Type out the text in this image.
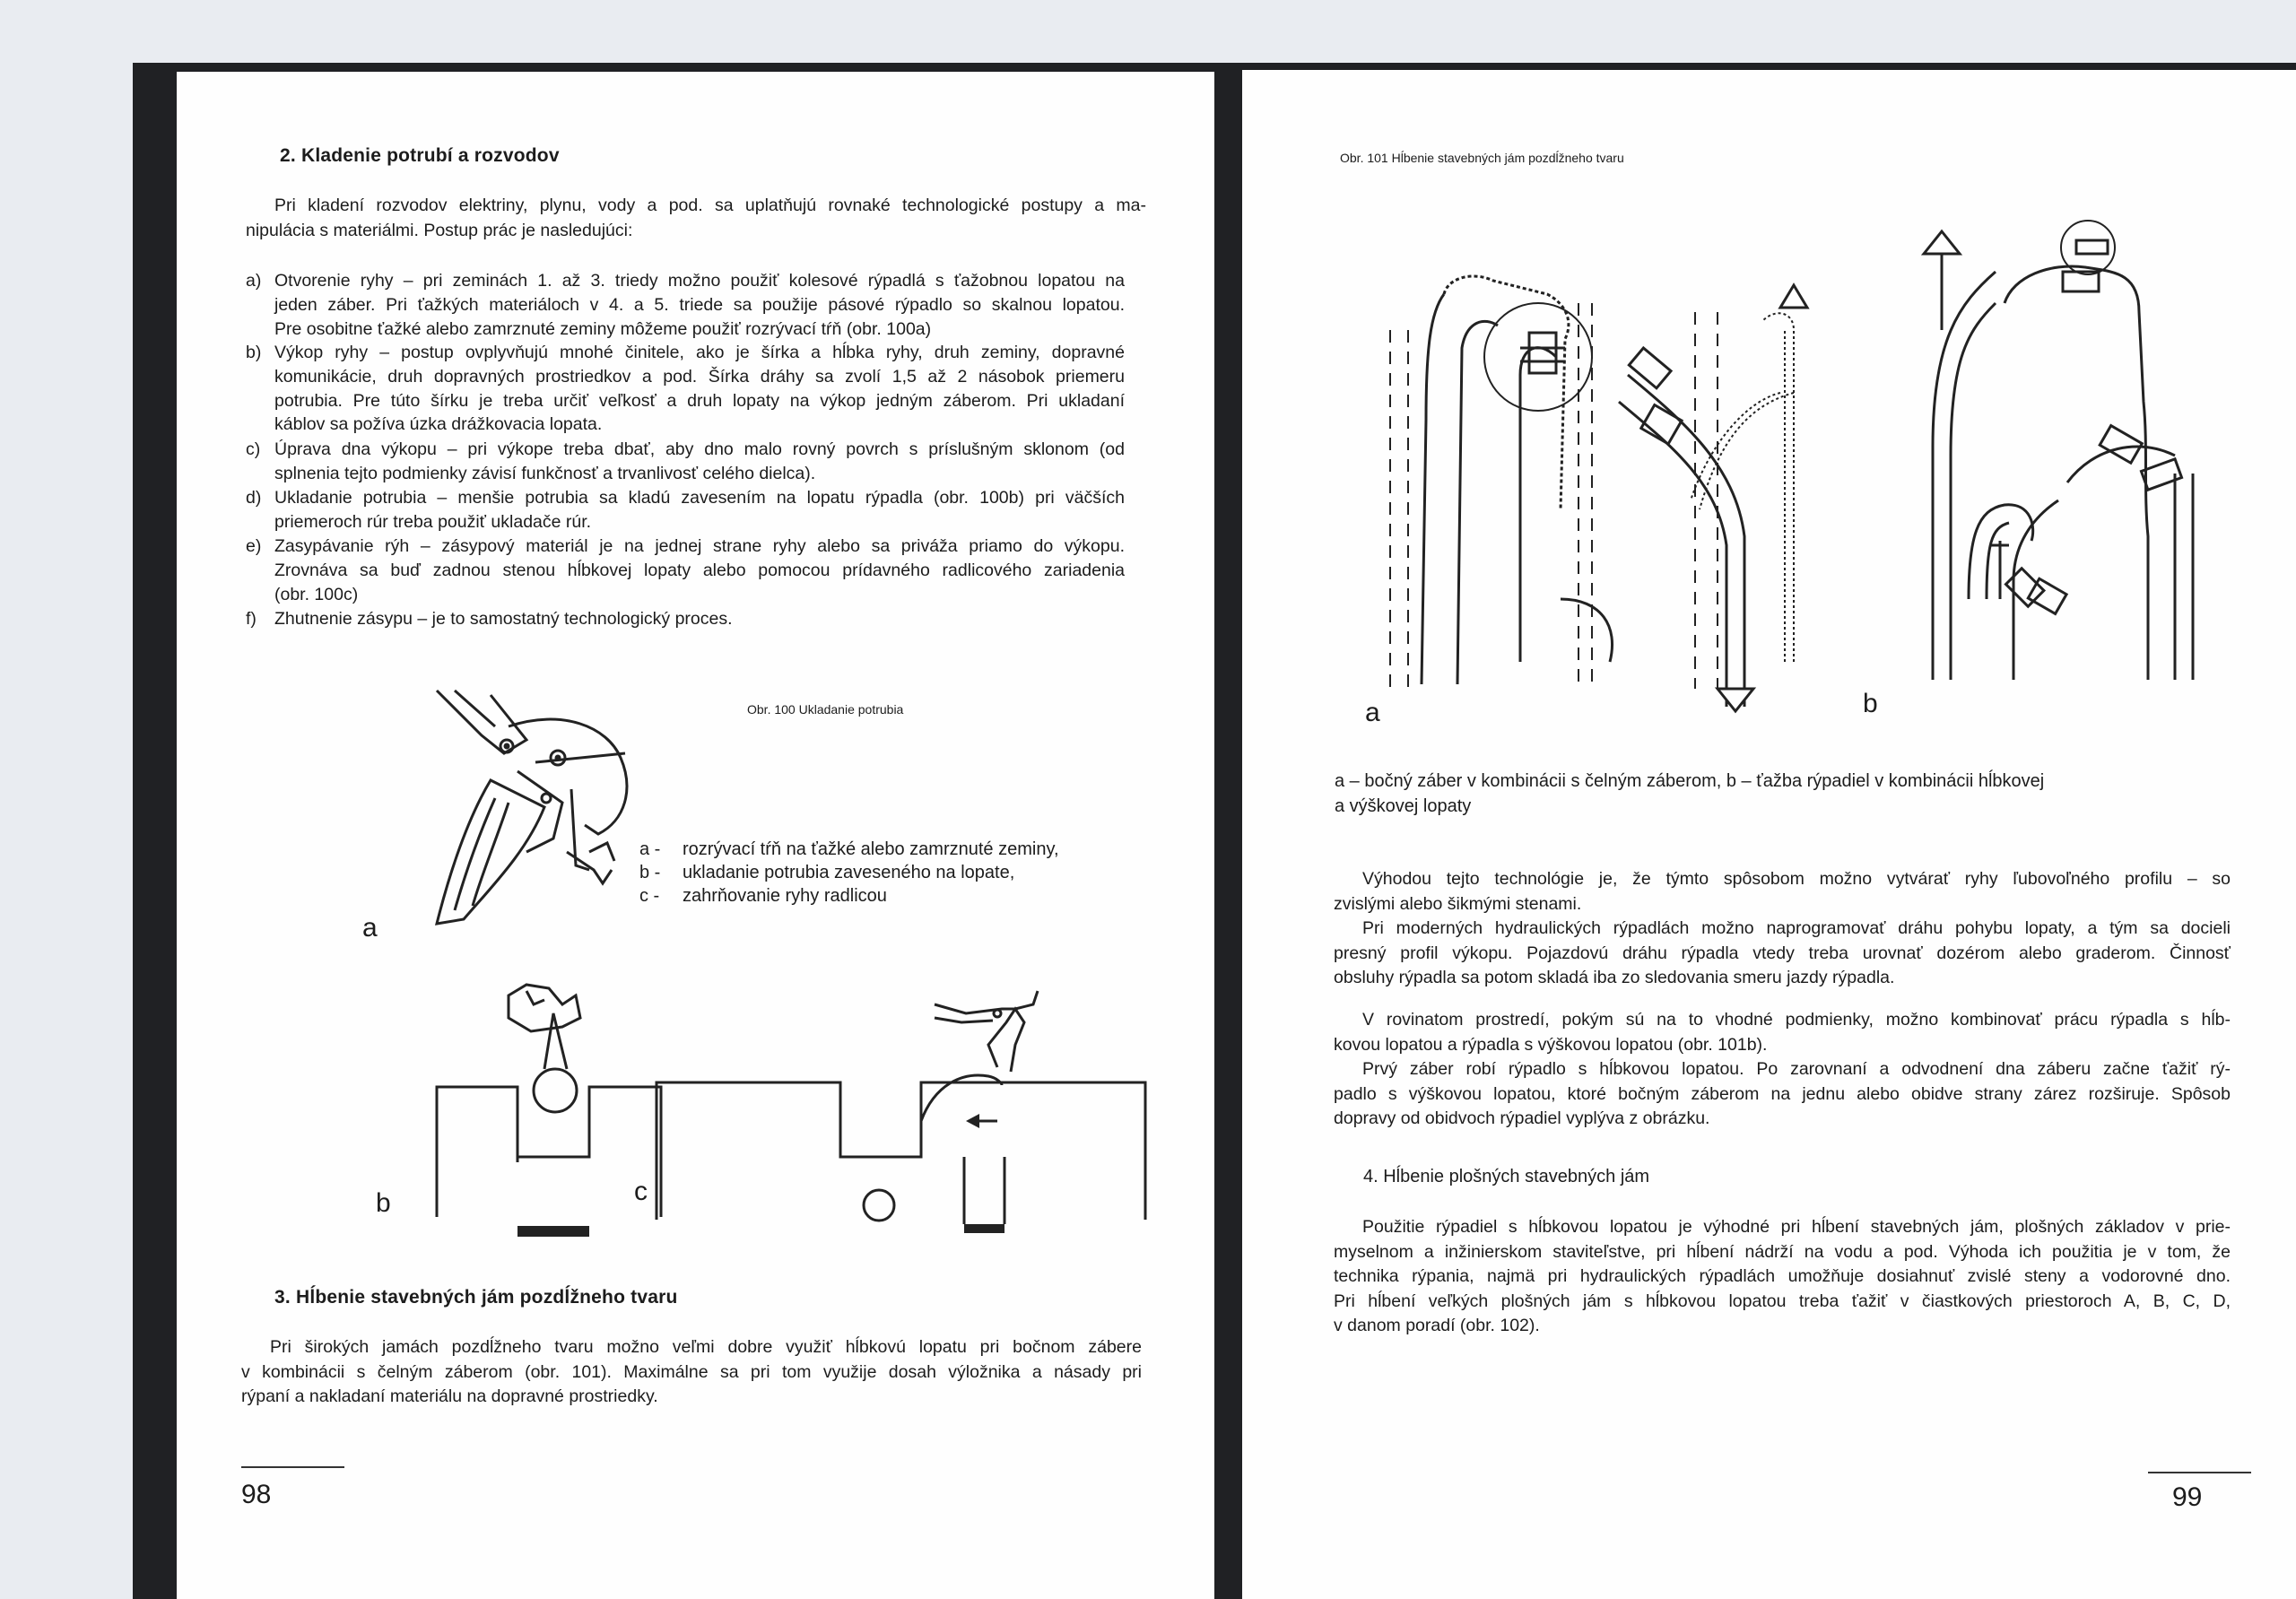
2. Kladenie potrubí a rozvodov
Pri kladení rozvodov elektriny, plynu, vody a pod. sa uplatňujú rovnaké technologické postupy a ma-
nipulácia s materiálmi. Postup prác je nasledujúci:
a) Otvorenie ryhy – pri zeminách 1. až 3. triedy možno použiť kolesové rýpadlá s ťažobnou lopatou na
jeden záber. Pri ťažkých materiáloch v 4. a 5. triede sa použije pásové rýpadlo so skalnou lopatou.
Pre osobitne ťažké alebo zamrznuté zeminy môžeme použiť rozrývací tŕň (obr. 100a)
b) Výkop ryhy – postup ovplyvňujú mnohé činitele, ako je šírka a hĺbka ryhy, druh zeminy, dopravné
komunikácie, druh dopravných prostriedkov a pod. Šírka dráhy sa zvolí 1,5 až 2 násobok priemeru
potrubia. Pre túto šírku je treba určiť veľkosť a druh lopaty na výkop jedným záberom. Pri ukladaní
káblov sa požíva úzka drážkovacia lopata.
c) Úprava dna výkopu – pri výkope treba dbať, aby dno malo rovný povrch s príslušným sklonom (od
splnenia tejto podmienky závisí funkčnosť a trvanlivosť celého dielca).
d) Ukladanie potrubia – menšie potrubia sa kladú zavesením na lopatu rýpadla (obr. 100b) pri väčších
priemeroch rúr treba použiť ukladače rúr.
e) Zasypávanie rýh – zásypový materiál je na jednej strane ryhy alebo sa priváža priamo do výkopu.
Zrovnáva sa buď zadnou stenou hĺbkovej lopaty alebo pomocou prídavného radlicového zariadenia
(obr. 100c)
f) Zhutnenie zásypu – je to samostatný technologický proces.
Obr. 100 Ukladanie potrubia
a
a - rozrývací tŕň na ťažké alebo zamrznuté zeminy,
b - ukladanie potrubia zaveseného na lopate,
c - zahrňovanie ryhy radlicou
b	c
3. Hĺbenie stavebných jám pozdĺžneho tvaru
Pri širokých jamách pozdĺžneho tvaru možno veľmi dobre využiť hĺbkovú lopatu pri bočnom zábere
v kombinácii s čelným záberom (obr. 101). Maximálne sa pri tom využije dosah výložnika a násady pri
rýpaní a nakladaní materiálu na dopravné prostriedky.
98
Obr. 101 Hĺbenie stavebných jám pozdĺžneho tvaru
a	b
a – bočný záber v kombinácii s čelným záberom, b – ťažba rýpadiel v kombinácii hĺbkovej
a výškovej lopaty
Výhodou tejto technológie je, že týmto spôsobom možno vytvárať ryhy ľubovoľného profilu – so
zvislými alebo šikmými stenami.
Pri moderných hydraulických rýpadlách možno naprogramovať dráhu pohybu lopaty, a tým sa docieli
presný profil výkopu. Pojazdovú dráhu rýpadla vtedy treba urovnať dozérom alebo graderom. Činnosť
obsluhy rýpadla sa potom skladá iba zo sledovania smeru jazdy rýpadla.
V rovinatom prostredí, pokým sú na to vhodné podmienky, možno kombinovať prácu rýpadla s hĺb-
kovou lopatou a rýpadla s výškovou lopatou (obr. 101b).
Prvý záber robí rýpadlo s hĺbkovou lopatou. Po zarovnaní a odvodnení dna záberu začne ťažiť rý-
padlo s výškovou lopatou, ktoré bočným záberom na jednu alebo obidve strany zárez rozširuje. Spôsob
dopravy od obidvoch rýpadiel vyplýva z obrázku.
4. Hĺbenie plošných stavebných jám
Použitie rýpadiel s hĺbkovou lopatou je výhodné pri hĺbení stavebných jám, plošných základov v prie-
myselnom a inžinierskom staviteľstve, pri hĺbení nádrží na vodu a pod. Výhoda ich použitia je v tom, že
technika rýpania, najmä pri hydraulických rýpadlách umožňuje dosiahnuť zvislé steny a vodorovné dno.
Pri hĺbení veľkých plošných jám s hĺbkovou lopatou treba ťažiť v čiastkových priestoroch A, B, C, D,
v danom poradí (obr. 102).
99
